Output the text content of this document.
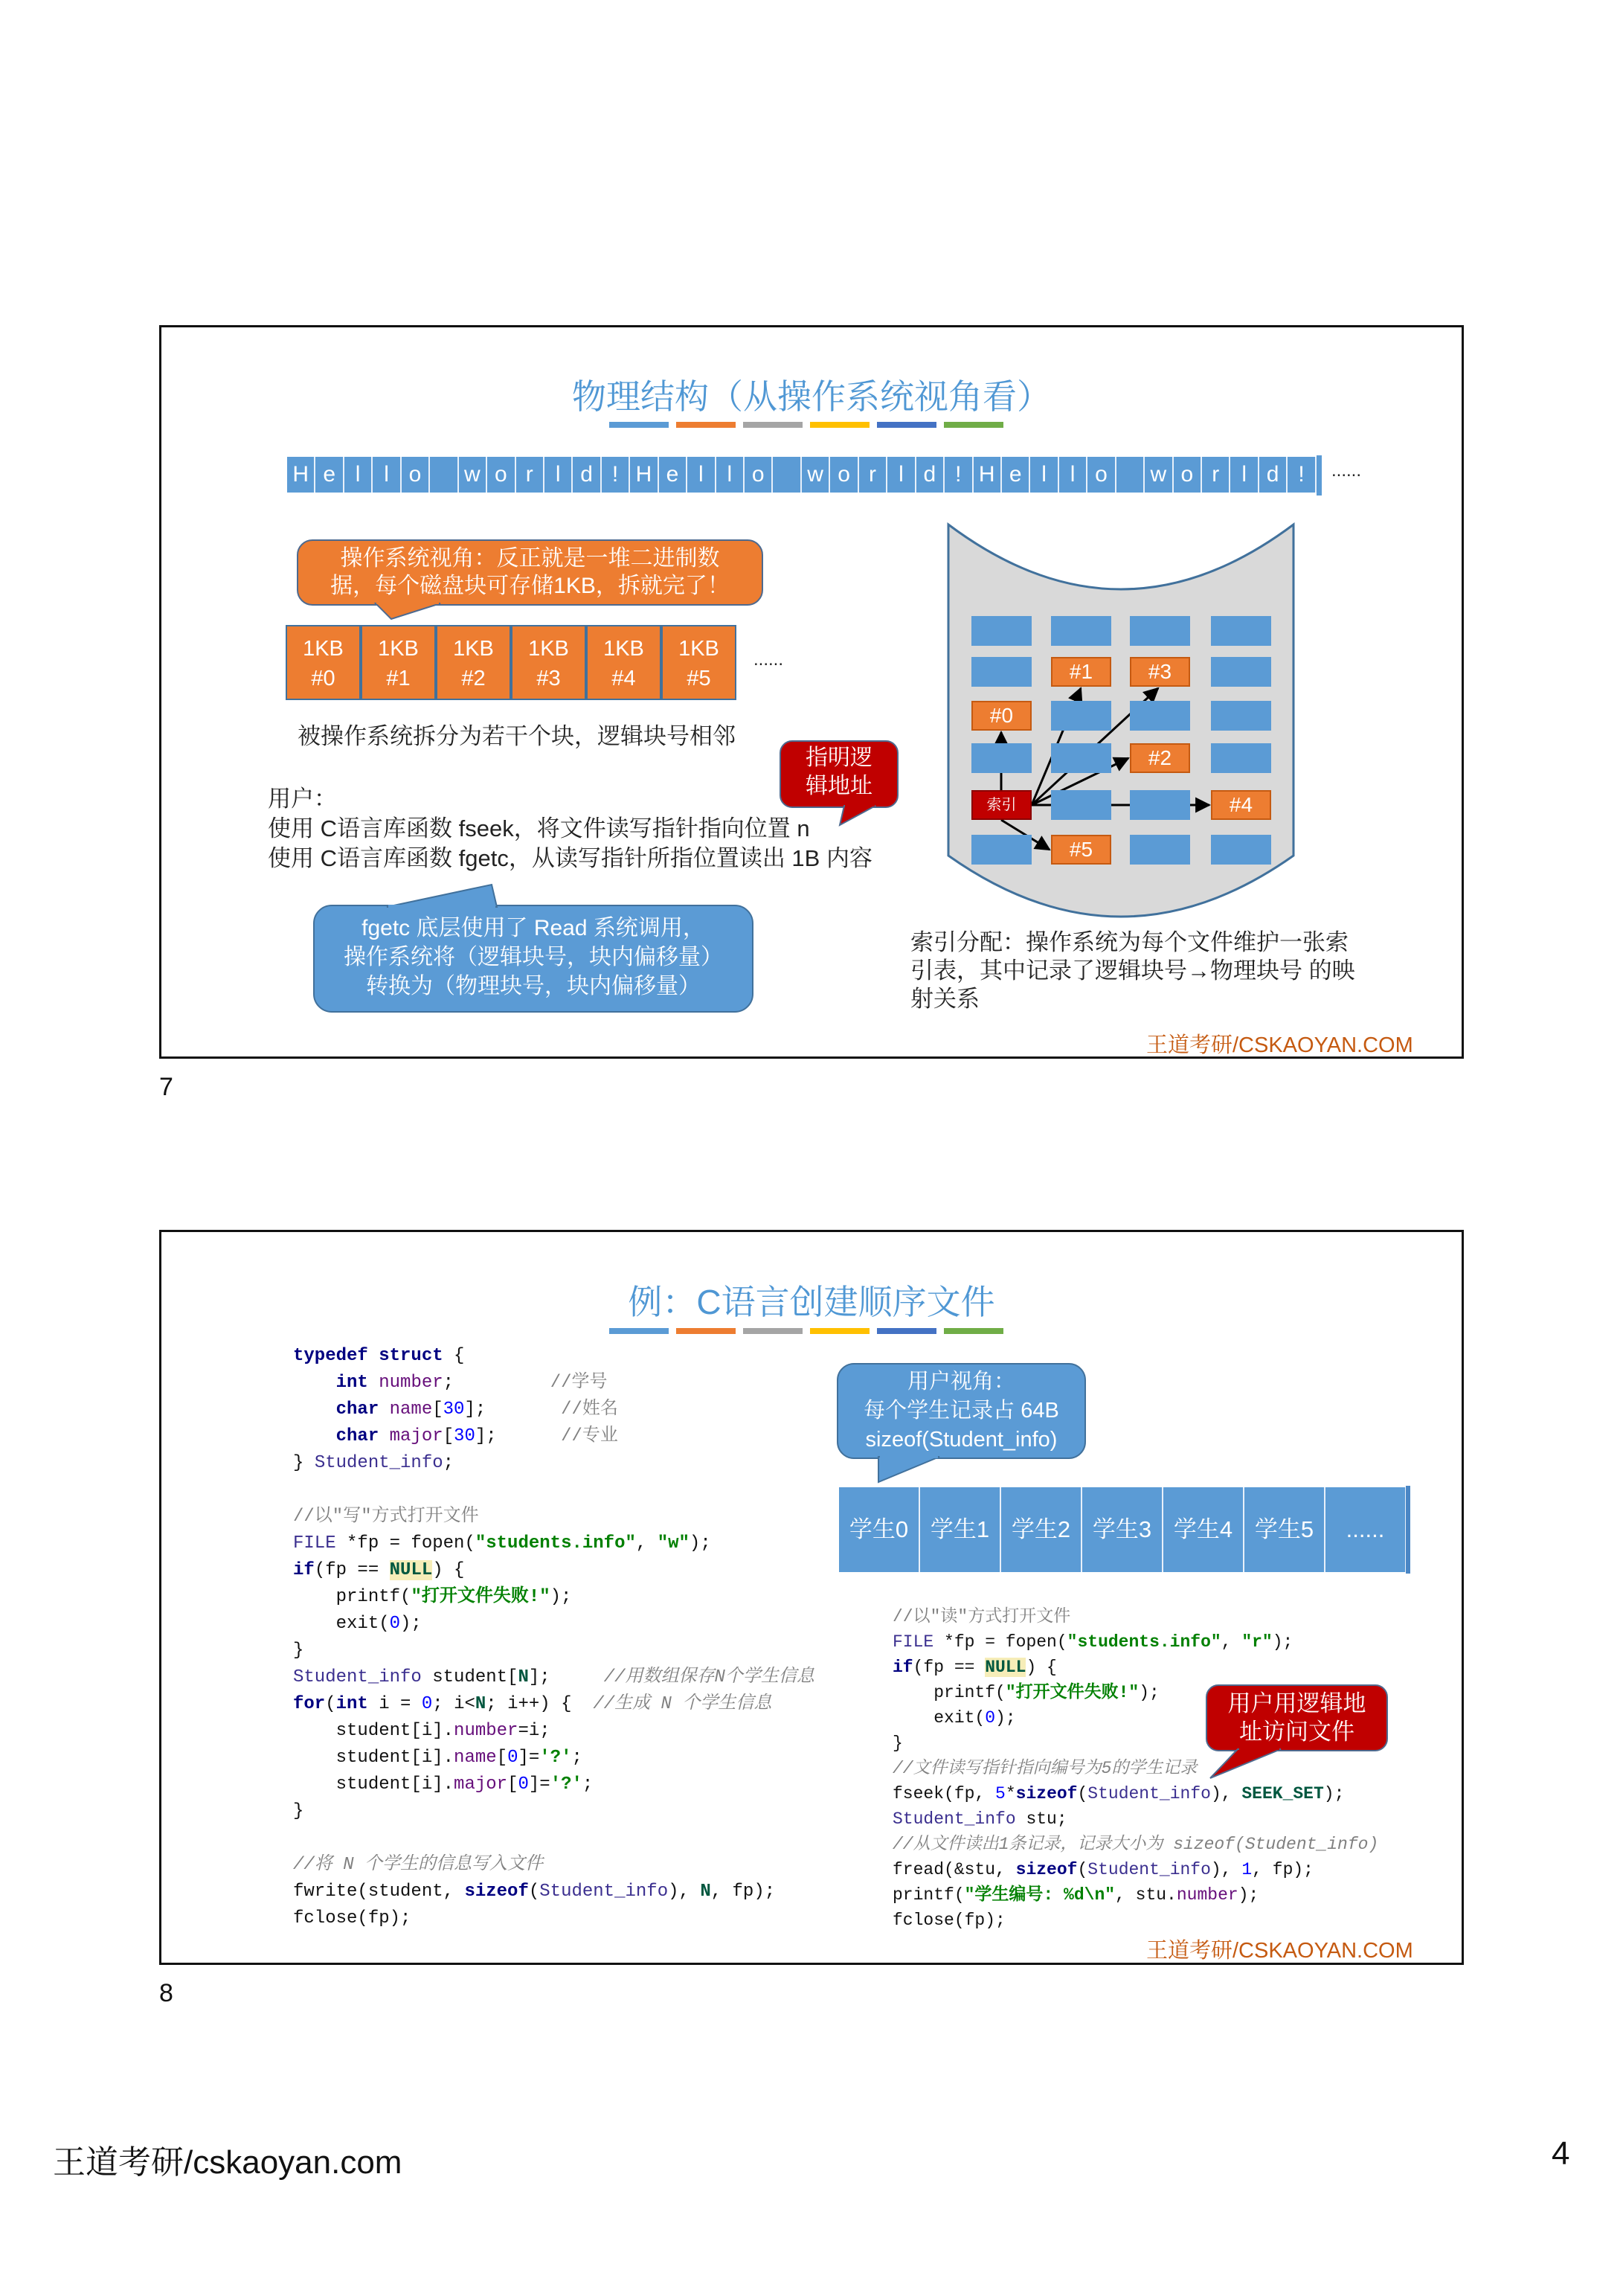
物理结构（从操作系统视角看）
H e l	l o	w o r	l d ! H e l	l o	w o r	l d ! H e l	l o	w o r	l d !	......
操作系统视角：反正就是一堆二进制数
据，每个磁盘块可存储1KB，拆就完了！
1KB
#0
1KB
#1
1KB
#2
1KB
#3
1KB
#4
1KB
#5
......
被操作系统拆分为若干个块，逻辑块号相邻
指明逻
辑地址
用户：
使用 C语言库函数 fseek，将文件读写指针指向位置 n
使用 C语言库函数 fgetc，从读写指针所指位置读出 1B 内容
fgetc 底层使用了 Read 系统调用，
操作系统将（逻辑块号，块内偏移量）
转换为（物理块号，块内偏移量）
#0
#1
#2
#3
#4
#5
索引
索引分配：操作系统为每个文件维护一张索
引表，其中记录了逻辑块号→物理块号 的映
射关系
王道考研/CSKAOYAN.COM
7
例：C语言创建顺序文件
typedef struct {
int number;         //学号
char name[30];       //姓名
char major[30];      //专业
} Student_info;

//以"写"方式打开文件
FILE *fp = fopen("students.info", "w");
if(fp == NULL) {
printf("打开文件失败!");
exit(0);
}
Student_info student[N];     //用数组保存N个学生信息
for(int i = 0; i<N; i++) {  //生成 N 个学生信息
student[i].number=i;
student[i].name[0]='?';
student[i].major[0]='?';
}

//将 N 个学生的信息写入文件
fwrite(student, sizeof(Student_info), N, fp);
fclose(fp);
用户视角：
每个学生记录占 64B
sizeof(Student_info)
学生0 学生1 学生2 学生3 学生4 学生5	......
//以"读"方式打开文件
FILE *fp = fopen("students.info", "r");
if(fp == NULL) {
printf("打开文件失败!");
exit(0);
}
//文件读写指针指向编号为5的学生记录
fseek(fp, 5*sizeof(Student_info), SEEK_SET);
Student_info stu;
//从文件读出1条记录，记录大小为 sizeof(Student_info)
fread(&stu, sizeof(Student_info), 1, fp);
printf("学生编号: %d\n", stu.number);
fclose(fp);
用户用逻辑地
址访问文件
王道考研/CSKAOYAN.COM
8
王道考研/cskaoyan.com	4
